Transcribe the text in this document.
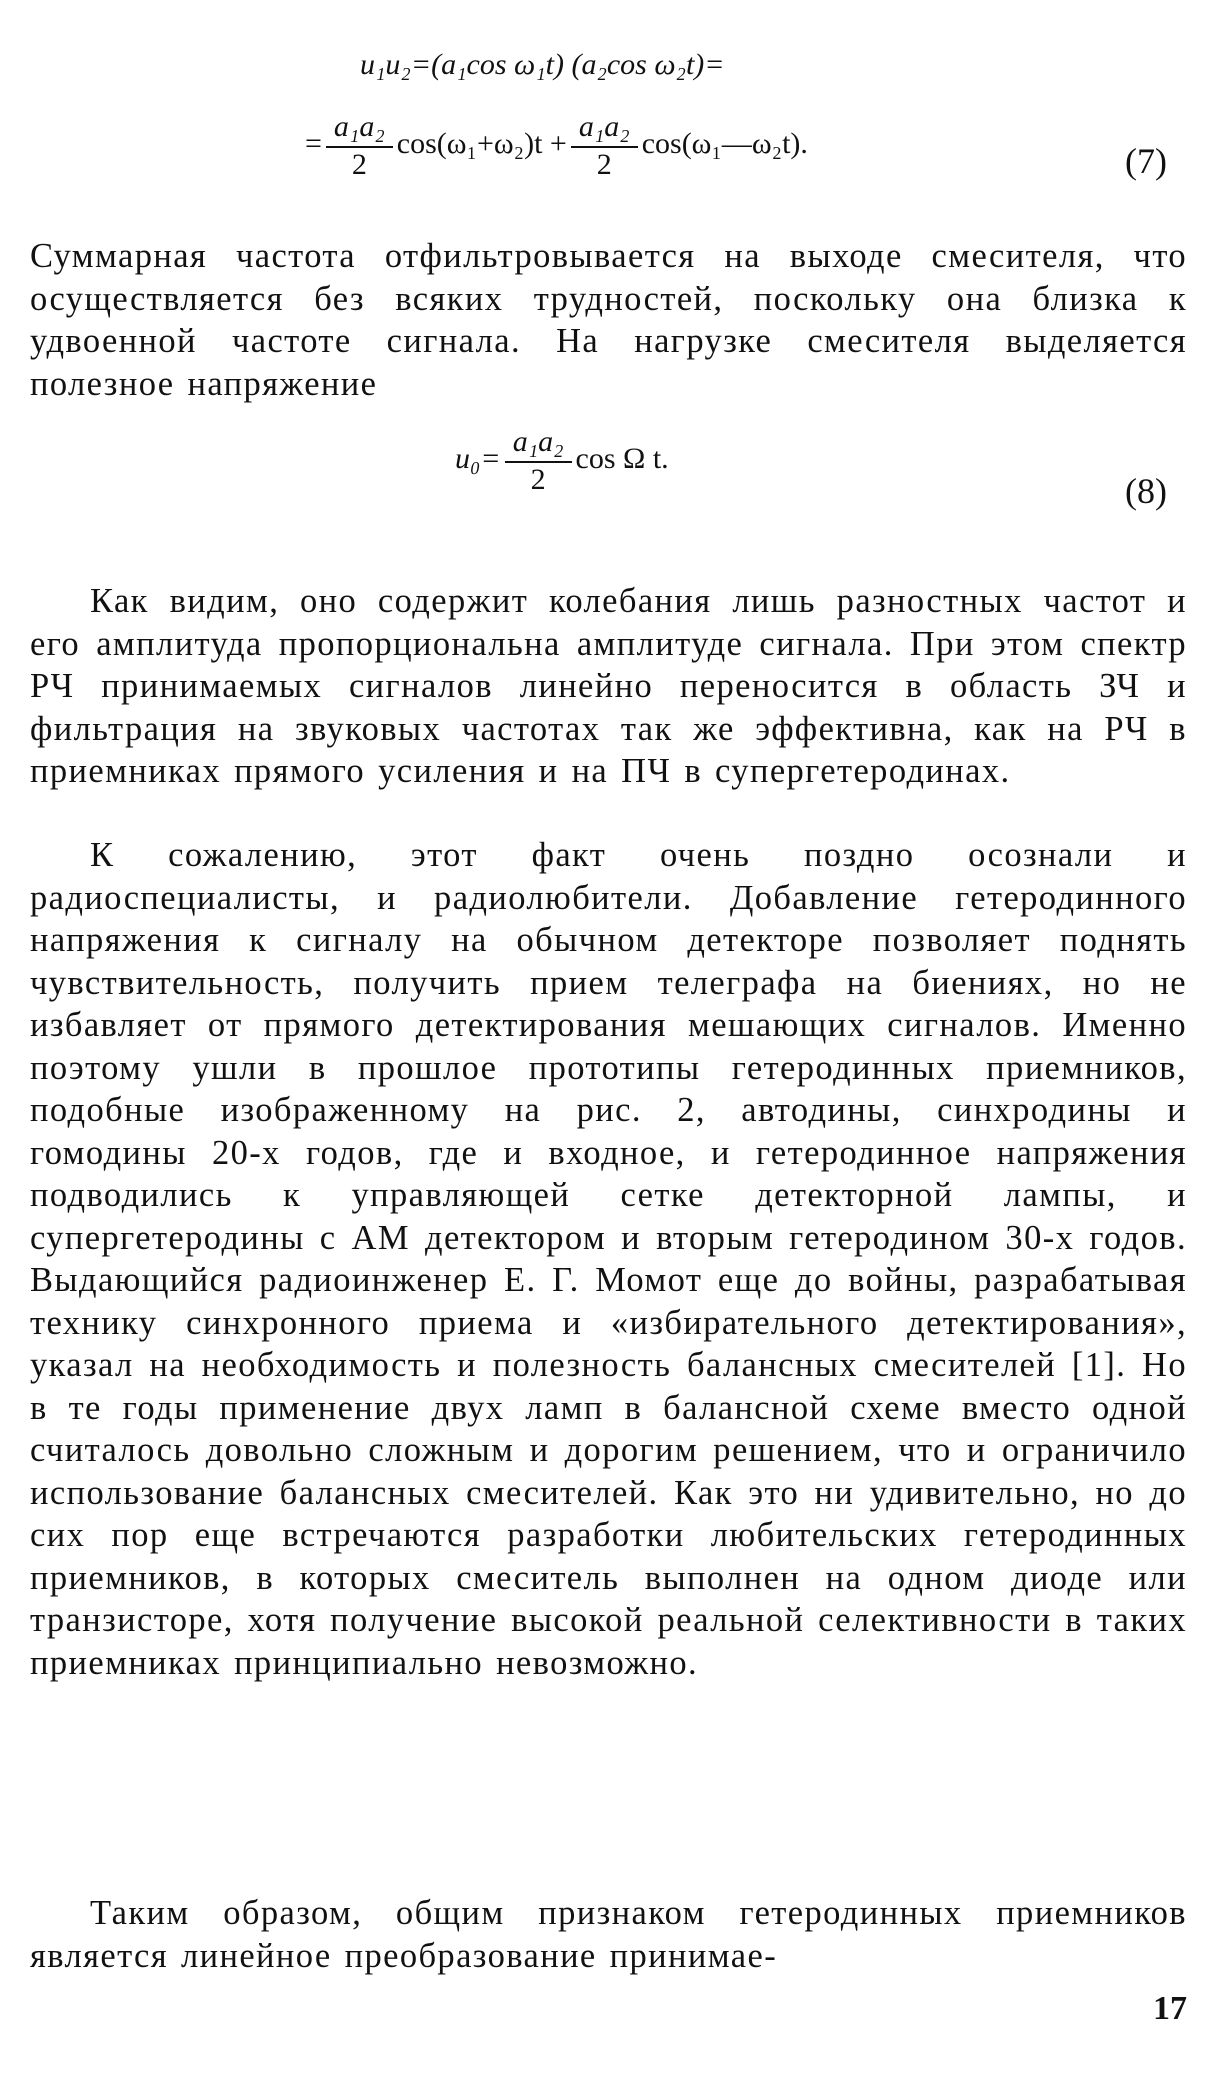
u₁u₂=(a₁cos ω₁t) (a₂cos ω₂t)=
= $\frac{\text{a₁a₂}}{2} \cos(\omega_1+\omega_2)t + \frac{\text{a₁a₂}}{2}$ cos(ω₁—ω₂t).	(7)

Суммарная частота отфильтровывается на выходе смесителя, что осуществляется без всяких трудностей, поскольку она близка к удвоенной частоте сигнала. На нагрузке смесителя выделяется полезное напряжение

$u_0= \frac{\text{a₁a₂}}{2}$ cos Ω t.
(8)

Как видим, оно содержит колебания лишь разностных частот и его амплитуда пропорциональна амплитуде сигнала. При этом спектр РЧ принимаемых сигналов линейно переносится в область ЗЧ и фильтрация на звуковых частотах так же эффективна, как на РЧ в приемниках прямого усиления и на ПЧ в супергетеродинах.

К сожалению, этот факт очень поздно осознали и радиоспециалисты, и радиолюбители. Добавление гетеродинного напряжения к сигналу на обычном детекторе позволяет поднять чувствительность, получить прием телеграфа на биениях, но не избавляет от прямого детектирования мешающих сигналов. Именно поэтому ушли в прошлое прототипы гетеродинных приемников, подобные изображенному на рис. 2, автодины, синхродины и гомодины 20-х годов, где и входное, и гетеродинное напряжения подводились к управляющей сетке детекторной лампы, и супергетеродины с АМ детектором и вторым гетеродином 30-х годов. Выдающийся радиоинженер Е. Г. Момот еще до войны, разрабатывая технику синхронного приема и «избирательного детектирования», указал на необходимость и полезность балансных смесителей [1]. Но в те годы применение двух ламп в балансной схеме вместо одной считалось довольно сложным и дорогим решением, что и ограничило использование балансных смесителей. Как это ни удивительно, но до сих пор еще встречаются разработки любительских гетеродинных приемников, в которых смеситель выполнен на одном диоде или транзисторе, хотя получение высокой реальной селективности в таких приемниках принципиально невозможно.

Таким образом, общим признаком гетеродинных приемников является линейное преобразование принимае-

17
